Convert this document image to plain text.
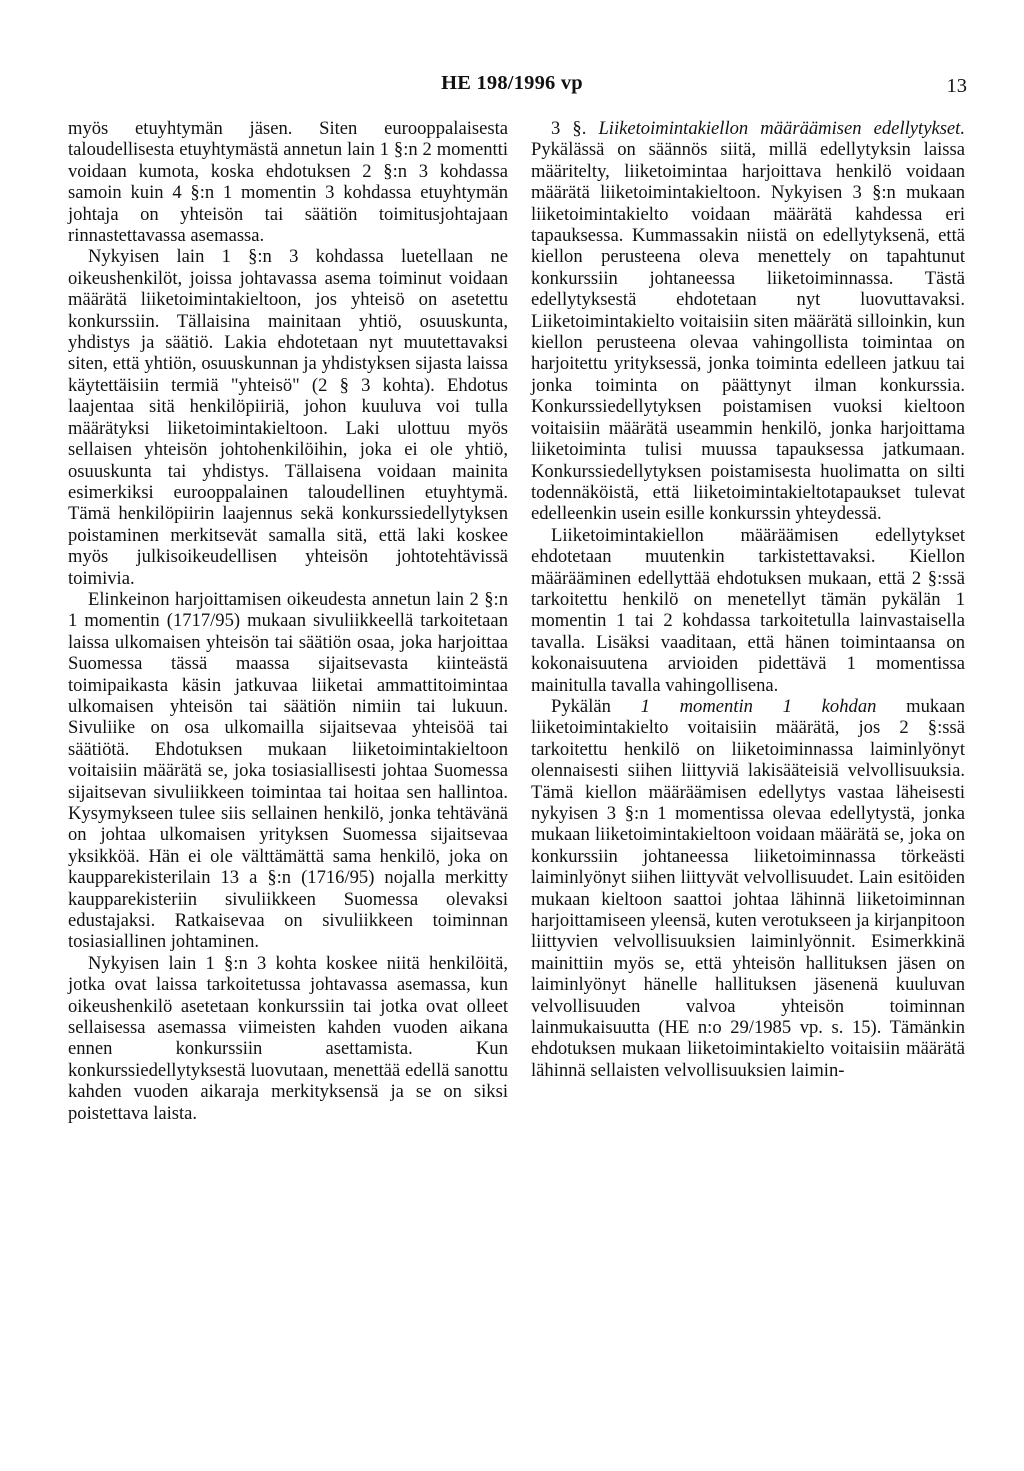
HE 198/1996 vp	13

myös etuyhtymän jäsen. Siten eurooppalaisesta taloudellisesta etuyhtymästä annetun lain 1 §:n 2 momentti voidaan kumota, koska ehdotuksen 2 §:n 3 kohdassa samoin kuin 4 §:n 1 momentin 3 kohdassa etuyhtymän johtaja on yhteisön tai säätiön toimitusjohtajaan rinnastettavassa asemassa.

Nykyisen lain 1 §:n 3 kohdassa luetellaan ne oikeushenkilöt, joissa johtavassa asema toiminut voidaan määrätä liiketoimintakieltoon, jos yhteisö on asetettu konkurssiin. Tällaisina mainitaan yhtiö, osuuskunta, yhdistys ja säätiö. Lakia ehdotetaan nyt muutettavaksi siten, että yhtiön, osuuskunnan ja yhdistyksen sijasta laissa käytettäisiin termiä "yhteisö" (2 § 3 kohta). Ehdotus laajentaa sitä henkilöpiiriä, johon kuuluva voi tulla määrätyksi liiketoimintakieltoon. Laki ulottuu myös sellaisen yhteisön johtohenkilöihin, joka ei ole yhtiö, osuuskunta tai yhdistys. Tällaisena voidaan mainita esimerkiksi eurooppalainen taloudellinen etuyhtymä. Tämä henkilöpiirin laajennus sekä konkurssiedellytyksen poistaminen merkitsevät samalla sitä, että laki koskee myös julkisoikeudellisen yhteisön johtotehtävissä toimivia.

Elinkeinon harjoittamisen oikeudesta annetun lain 2 §:n 1 momentin (1717/95) mukaan sivuliikkeellä tarkoitetaan laissa ulkomaisen yhteisön tai säätiön osaa, joka harjoittaa Suomessa tässä maassa sijaitsevasta kiinteästä toimipaikasta käsin jatkuvaa liiketai ammattitoimintaa ulkomaisen yhteisön tai säätiön nimiin tai lukuun. Sivuliike on osa ulkomailla sijaitsevaa yhteisöä tai säätiötä. Ehdotuksen mukaan liiketoimintakieltoon voitaisiin määrätä se, joka tosiasiallisesti johtaa Suomessa sijaitsevan sivuliikkeen toimintaa tai hoitaa sen hallintoa. Kysymykseen tulee siis sellainen henkilö, jonka tehtävänä on johtaa ulkomaisen yrityksen Suomessa sijaitsevaa yksikköä. Hän ei ole välttämättä sama henkilö, joka on kaupparekisterilain 13 a §:n (1716/95) nojalla merkitty kaupparekisteriin sivuliikkeen Suomessa olevaksi edustajaksi. Ratkaisevaa on sivuliikkeen toiminnan tosiasiallinen johtaminen.

Nykyisen lain 1 §:n 3 kohta koskee niitä henkilöitä, jotka ovat laissa tarkoitetussa johtavassa asemassa, kun oikeushenkilö asetetaan konkurssiin tai jotka ovat olleet sellaisessa asemassa viimeisten kahden vuoden aikana ennen konkurssiin asettamista. Kun konkurssiedellytyksestä luovutaan, menettää edellä sanottu kahden vuoden aikaraja merkityksensä ja se on siksi poistettava laista.

3 §. Liiketoimintakiellon määräämisen edellytykset. Pykälässä on säännös siitä, millä edellytyksin laissa määritelty, liiketoimintaa harjoittava henkilö voidaan määrätä liiketoimintakieltoon. Nykyisen 3 §:n mukaan liiketoimintakielto voidaan määrätä kahdessa eri tapauksessa. Kummassakin niistä on edellytyksenä, että kiellon perusteena oleva menettely on tapahtunut konkurssiin johtaneessa liiketoiminnassa. Tästä edellytyksestä ehdotetaan nyt luovuttavaksi. Liiketoimintakielto voitaisiin siten määrätä silloinkin, kun kiellon perusteena olevaa vahingollista toimintaa on harjoitettu yrityksessä, jonka toiminta edelleen jatkuu tai jonka toiminta on päättynyt ilman konkurssia. Konkurssiedellytyksen poistamisen vuoksi kieltoon voitaisiin määrätä useammin henkilö, jonka harjoittama liiketoiminta tulisi muussa tapauksessa jatkumaan. Konkurssiedellytyksen poistamisesta huolimatta on silti todennäköistä, että liiketoimintakieltotapaukset tulevat edelleenkin usein esille konkurssin yhteydessä.

Liiketoimintakiellon määräämisen edellytykset ehdotetaan muutenkin tarkistettavaksi. Kiellon määrääminen edellyttää ehdotuksen mukaan, että 2 §:ssä tarkoitettu henkilö on menetellyt tämän pykälän 1 momentin 1 tai 2 kohdassa tarkoitetulla lainvastaisella tavalla. Lisäksi vaaditaan, että hänen toimintaansa on kokonaisuutena arvioiden pidettävä 1 momentissa mainitulla tavalla vahingollisena.

Pykälän 1 momentin 1 kohdan mukaan liiketoimintakielto voitaisiin määrätä, jos 2 §:ssä tarkoitettu henkilö on liiketoiminnassa laiminlyönyt olennaisesti siihen liittyviä lakisääteisiä velvollisuuksia. Tämä kiellon määräämisen edellytys vastaa läheisesti nykyisen 3 §:n 1 momentissa olevaa edellytystä, jonka mukaan liiketoimintakieltoon voidaan määrätä se, joka on konkurssiin johtaneessa liiketoiminnassa törkeästi laiminlyönyt siihen liittyvät velvollisuudet. Lain esitöiden mukaan kieltoon saattoi johtaa lähinnä liiketoiminnan harjoittamiseen yleensä, kuten verotukseen ja kirjanpitoon liittyvien velvollisuuksien laiminlyönnit. Esimerkkinä mainittiin myös se, että yhteisön hallituksen jäsen on laiminlyönyt hänelle hallituksen jäsenenä kuuluvan velvollisuuden valvoa yhteisön toiminnan lainmukaisuutta (HE n:o 29/1985 vp. s. 15). Tämänkin ehdotuksen mukaan liiketoimintakielto voitaisiin määrätä lähinnä sellaisten velvollisuuksien laimin-
